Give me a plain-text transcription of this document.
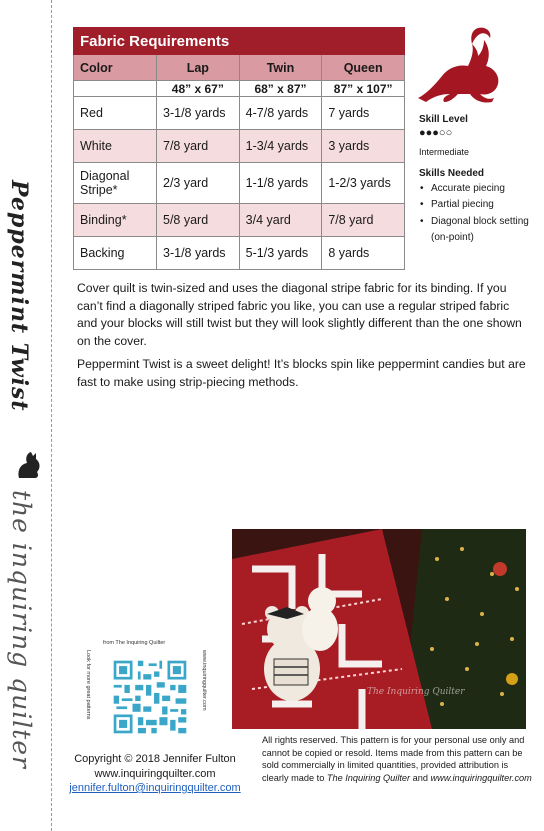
Peppermint Twist
the inquiring quilter
Fabric Requirements			
Color	Lap	Twin	Queen
	48” x 67”	68” x 87”	87” x 107”
Red	3-1/8 yards	4-7/8 yards	7 yards
White	7/8 yard	1-3/4 yards	3 yards
Diagonal Stripe*	2/3 yard	1-1/8 yards	1-2/3 yards
Binding*	5/8 yard	3/4 yard	7/8 yard
Backing	3-1/8 yards	5-1/3 yards	8 yards
Skill Level
●●●○○
Intermediate
Skills Needed
• Accurate piecing
• Partial piecing
• Diagonal block setting (on-point)

Cover quilt is twin-sized and uses the diagonal stripe fabric for its binding. If you can’t find a diagonally striped fabric you like, you can use a regular striped fabric and your blocks will still twist but they will look slightly different than the one shown on the cover.

Peppermint Twist is a sweet delight! It’s blocks spin like peppermint candies but are fast to make using strip-piecing methods.

The Inquiring Quilter
from The Inquiring Quilter
Look for more great patterns	www.inquiringquilter.com
Copyright © 2018 Jennifer Fulton
www.inquiringquilter.com
jennifer.fulton@inquiringquilter.com
All rights reserved. This pattern is for your personal use only and cannot be copied or resold. Items made from this pattern can be sold commercially in limited quantities, provided attribution is clearly made to The Inquiring Quilter and www.inquiringquilter.com
